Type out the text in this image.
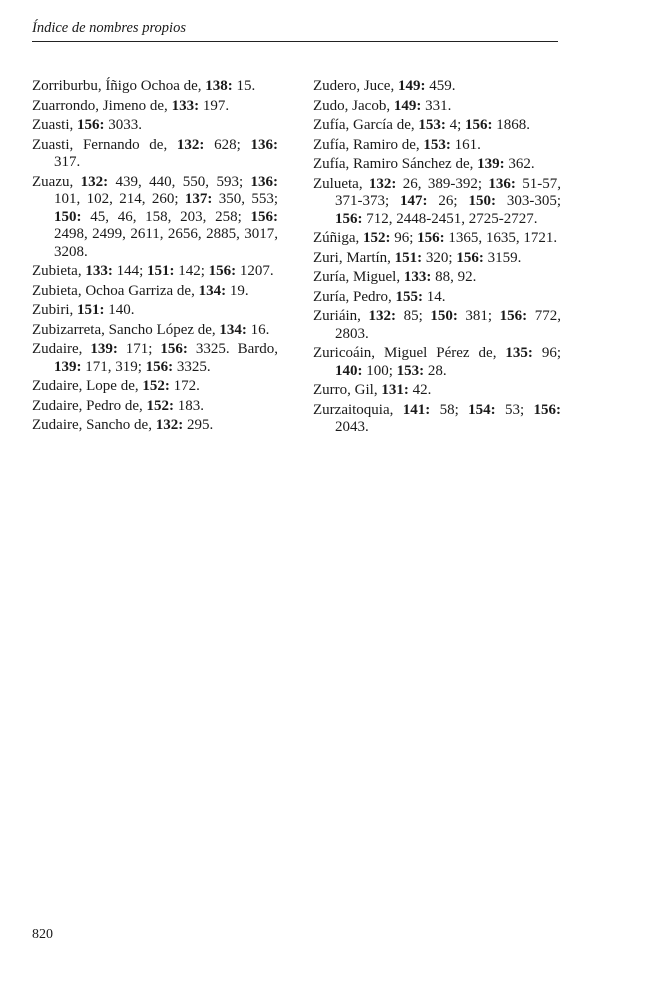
Índice de nombres propios

Zorriburbu, Íñigo Ochoa de, 138: 15.

Zuarrondo, Jimeno de, 133: 197.

Zuasti, 156: 3033.

Zuasti, Fernando de, 132: 628; 136: 317.

Zuazu, 132: 439, 440, 550, 593; 136: 101, 102, 214, 260; 137: 350, 553; 150: 45, 46, 158, 203, 258; 156: 2498, 2499, 2611, 2656, 2885, 3017, 3208.

Zubieta, 133: 144; 151: 142; 156: 1207.

Zubieta, Ochoa Garriza de, 134: 19.

Zubiri, 151: 140.

Zubizarreta, Sancho López de, 134: 16.

Zudaire, 139: 171; 156: 3325. Bardo, 139: 171, 319; 156: 3325.

Zudaire, Lope de, 152: 172.

Zudaire, Pedro de, 152: 183.

Zudaire, Sancho de, 132: 295.

Zudero, Juce, 149: 459.

Zudo, Jacob, 149: 331.

Zufía, García de, 153: 4; 156: 1868.

Zufía, Ramiro de, 153: 161.

Zufía, Ramiro Sánchez de, 139: 362.

Zulueta, 132: 26, 389-392; 136: 51-57, 371-373; 147: 26; 150: 303-305; 156: 712, 2448-2451, 2725-2727.

Zúñiga, 152: 96; 156: 1365, 1635, 1721.

Zuri, Martín, 151: 320; 156: 3159.

Zuría, Miguel, 133: 88, 92.

Zuría, Pedro, 155: 14.

Zuriáin, 132: 85; 150: 381; 156: 772, 2803.

Zuricoáin, Miguel Pérez de, 135: 96; 140: 100; 153: 28.

Zurro, Gil, 131: 42.

Zurzaitoquia, 141: 58; 154: 53; 156: 2043.

820
